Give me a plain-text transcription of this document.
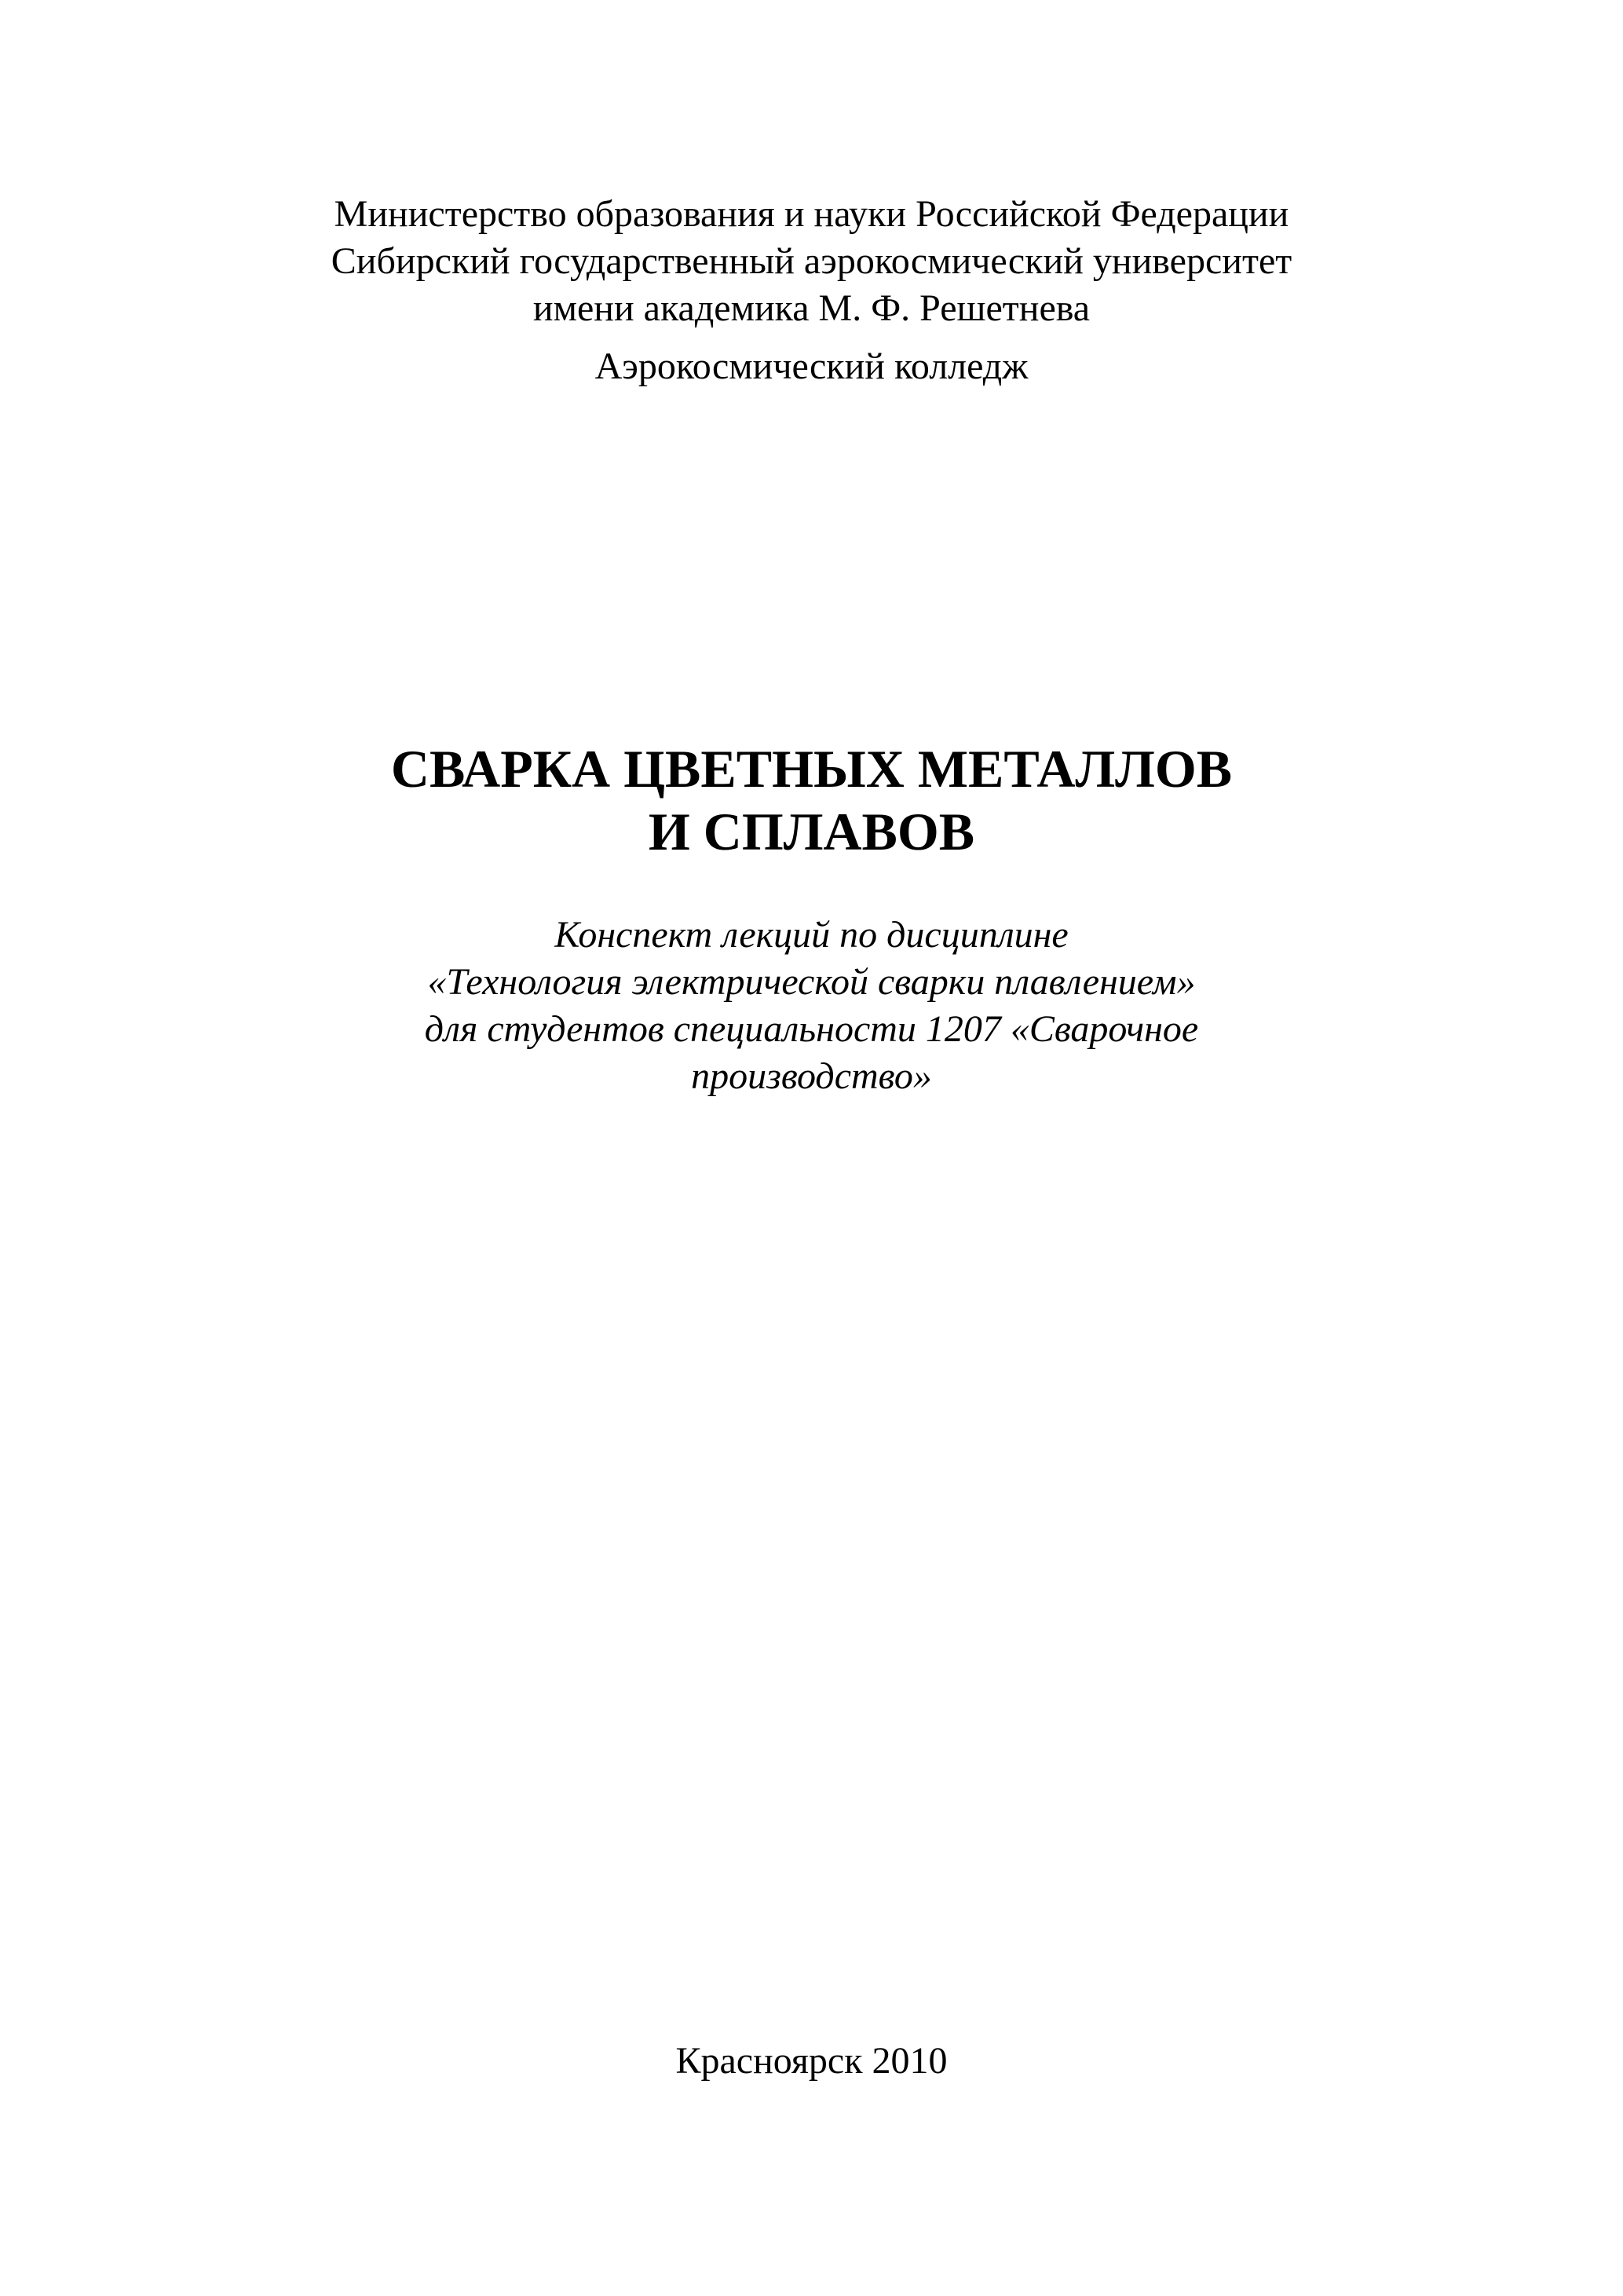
Министерство образования и науки Российской Федерации
Сибирский государственный аэрокосмический университет
имени академика М. Ф. Решетнева
Аэрокосмический колледж
СВАРКА ЦВЕТНЫХ МЕТАЛЛОВ
И СПЛАВОВ
Конспект лекций по дисциплине
«Технология электрической сварки плавлением»
для студентов специальности 1207 «Сварочное
производство»
Красноярск 2010
